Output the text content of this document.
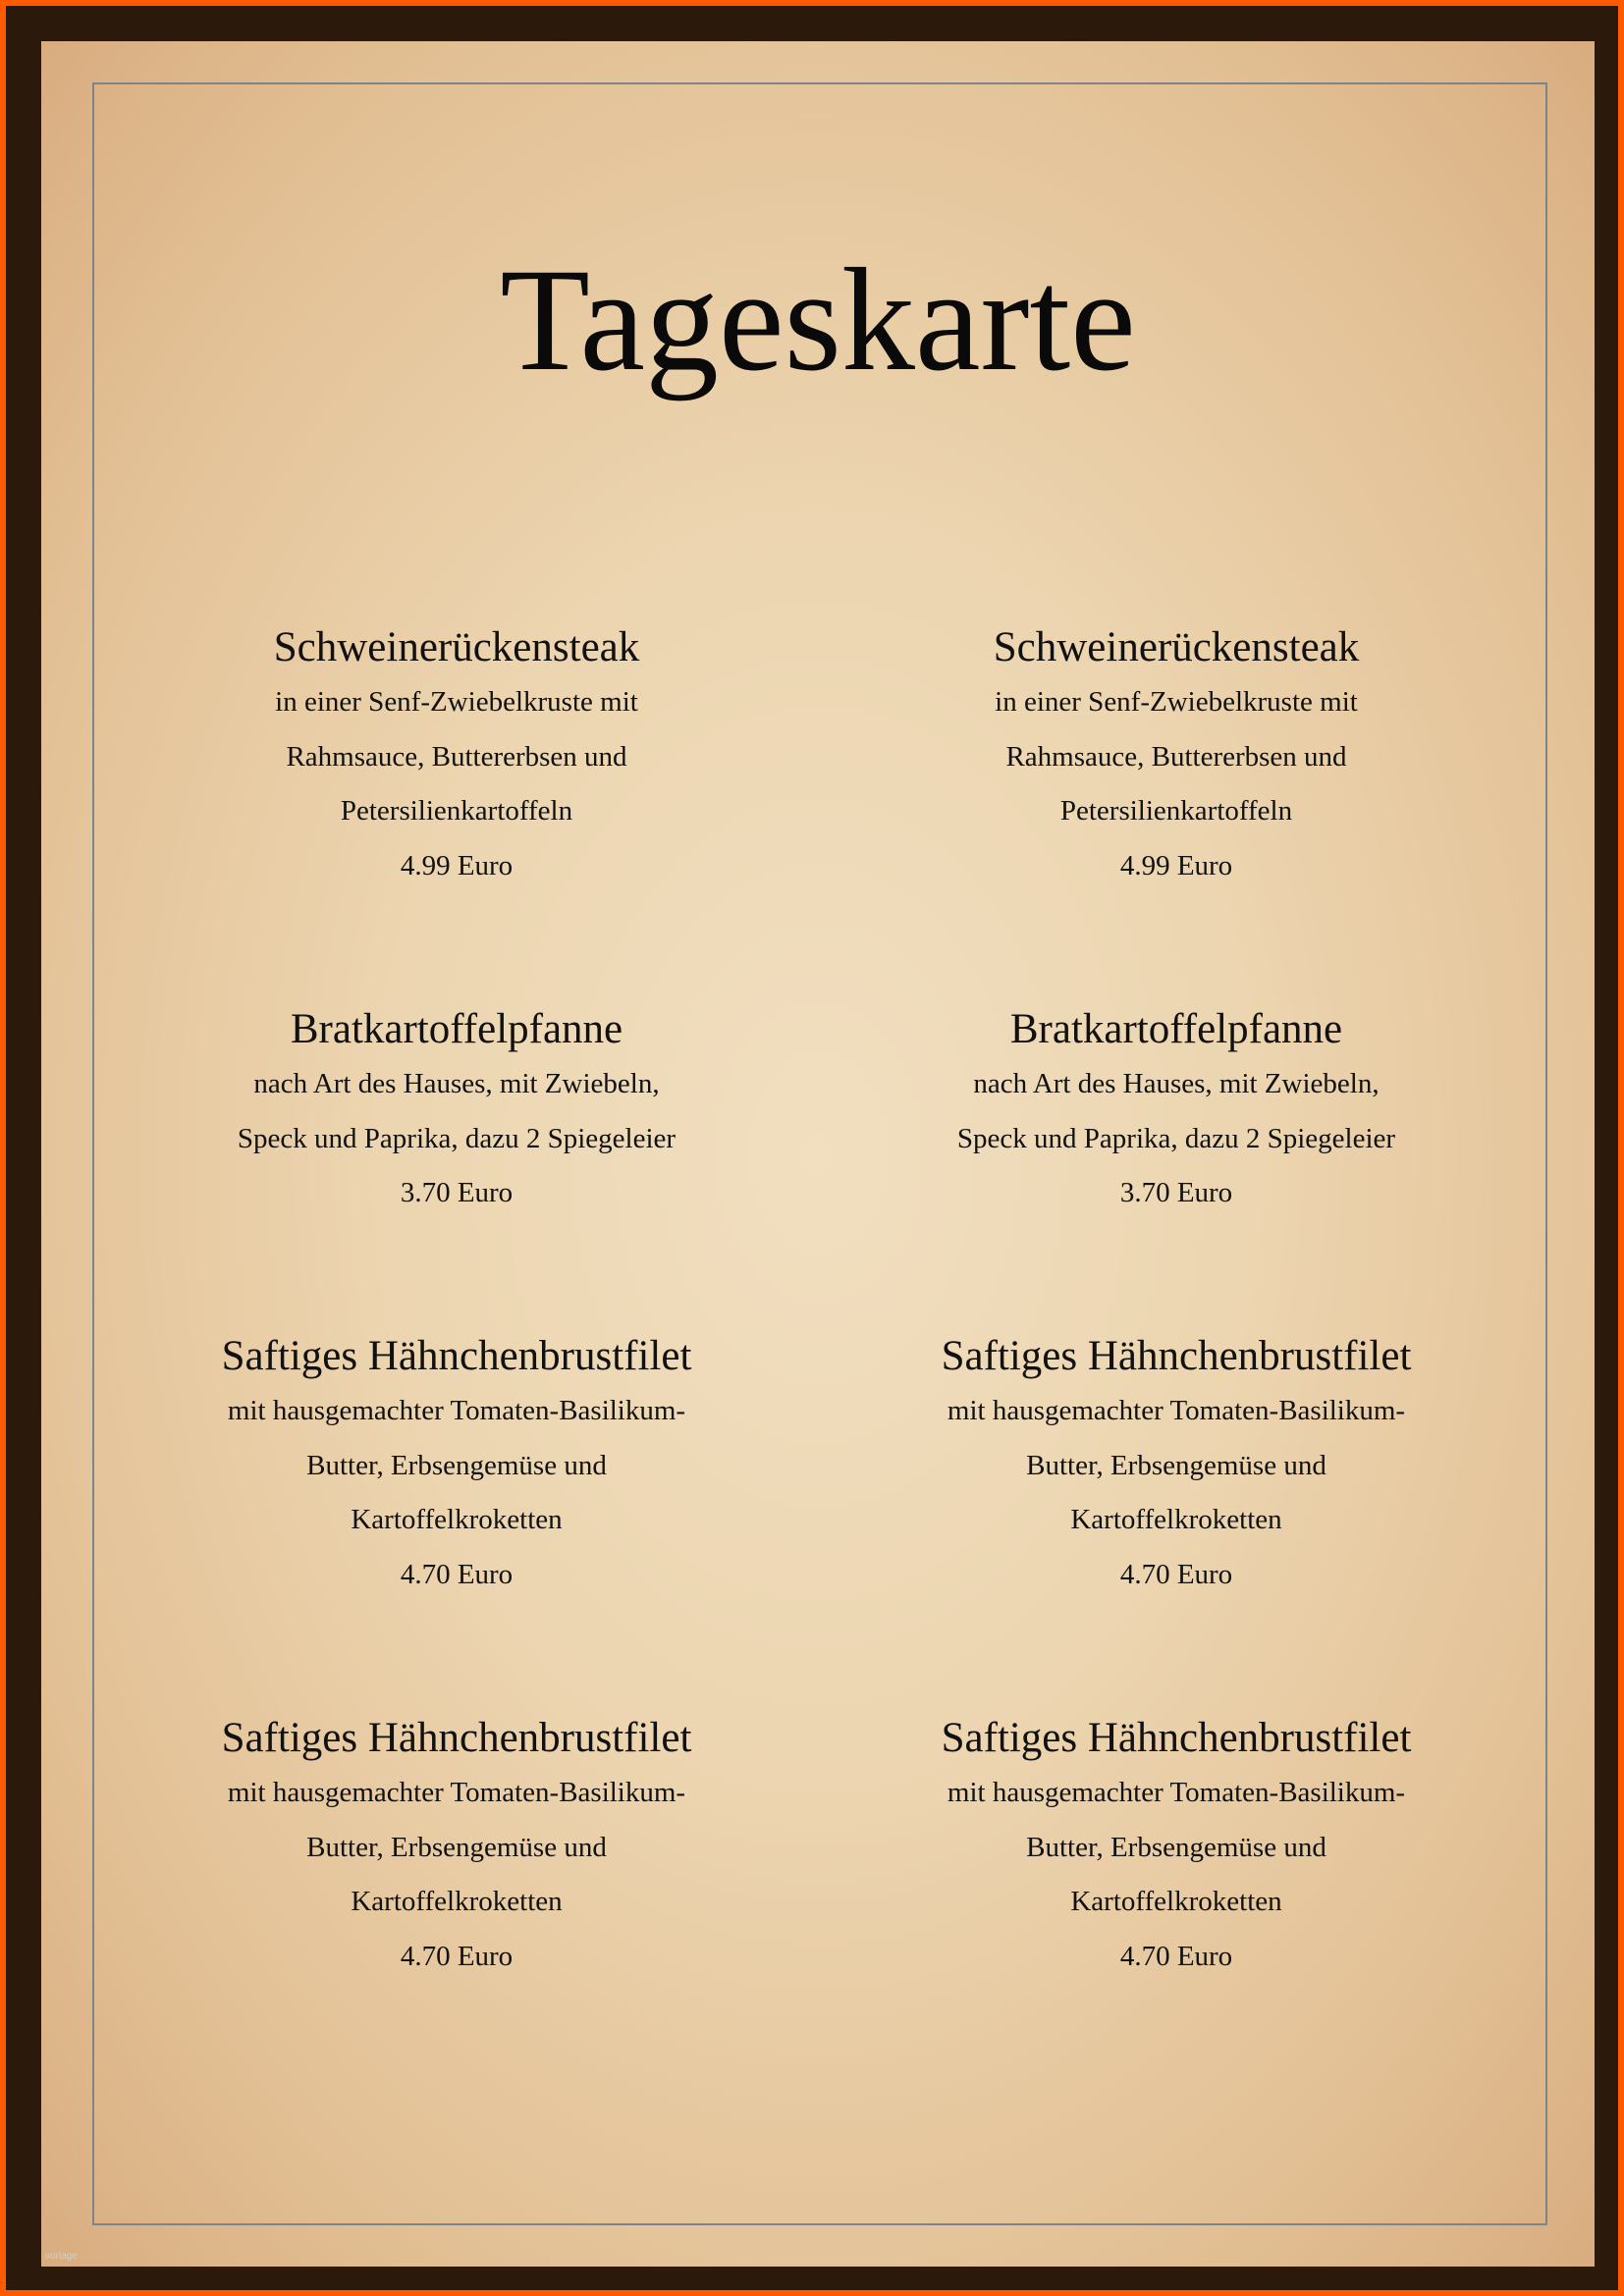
Tageskarte
Schweinerückensteak

in einer Senf-Zwiebelkruste mit

Rahmsauce, Buttererbsen und

Petersilienkartoffeln

4.99 Euro
Schweinerückensteak

in einer Senf-Zwiebelkruste mit

Rahmsauce, Buttererbsen und

Petersilienkartoffeln

4.99 Euro
Bratkartoffelpfanne

nach Art des Hauses, mit Zwiebeln,

Speck und Paprika, dazu 2 Spiegeleier

3.70 Euro
Bratkartoffelpfanne

nach Art des Hauses, mit Zwiebeln,

Speck und Paprika, dazu 2 Spiegeleier

3.70 Euro
Saftiges Hähnchenbrustfilet

mit hausgemachter Tomaten-Basilikum-

Butter, Erbsengemüse und

Kartoffelkroketten

4.70 Euro
Saftiges Hähnchenbrustfilet

mit hausgemachter Tomaten-Basilikum-

Butter, Erbsengemüse und

Kartoffelkroketten

4.70 Euro
Saftiges Hähnchenbrustfilet

mit hausgemachter Tomaten-Basilikum-

Butter, Erbsengemüse und

Kartoffelkroketten

4.70 Euro
Saftiges Hähnchenbrustfilet

mit hausgemachter Tomaten-Basilikum-

Butter, Erbsengemüse und

Kartoffelkroketten

4.70 Euro
vorlage
